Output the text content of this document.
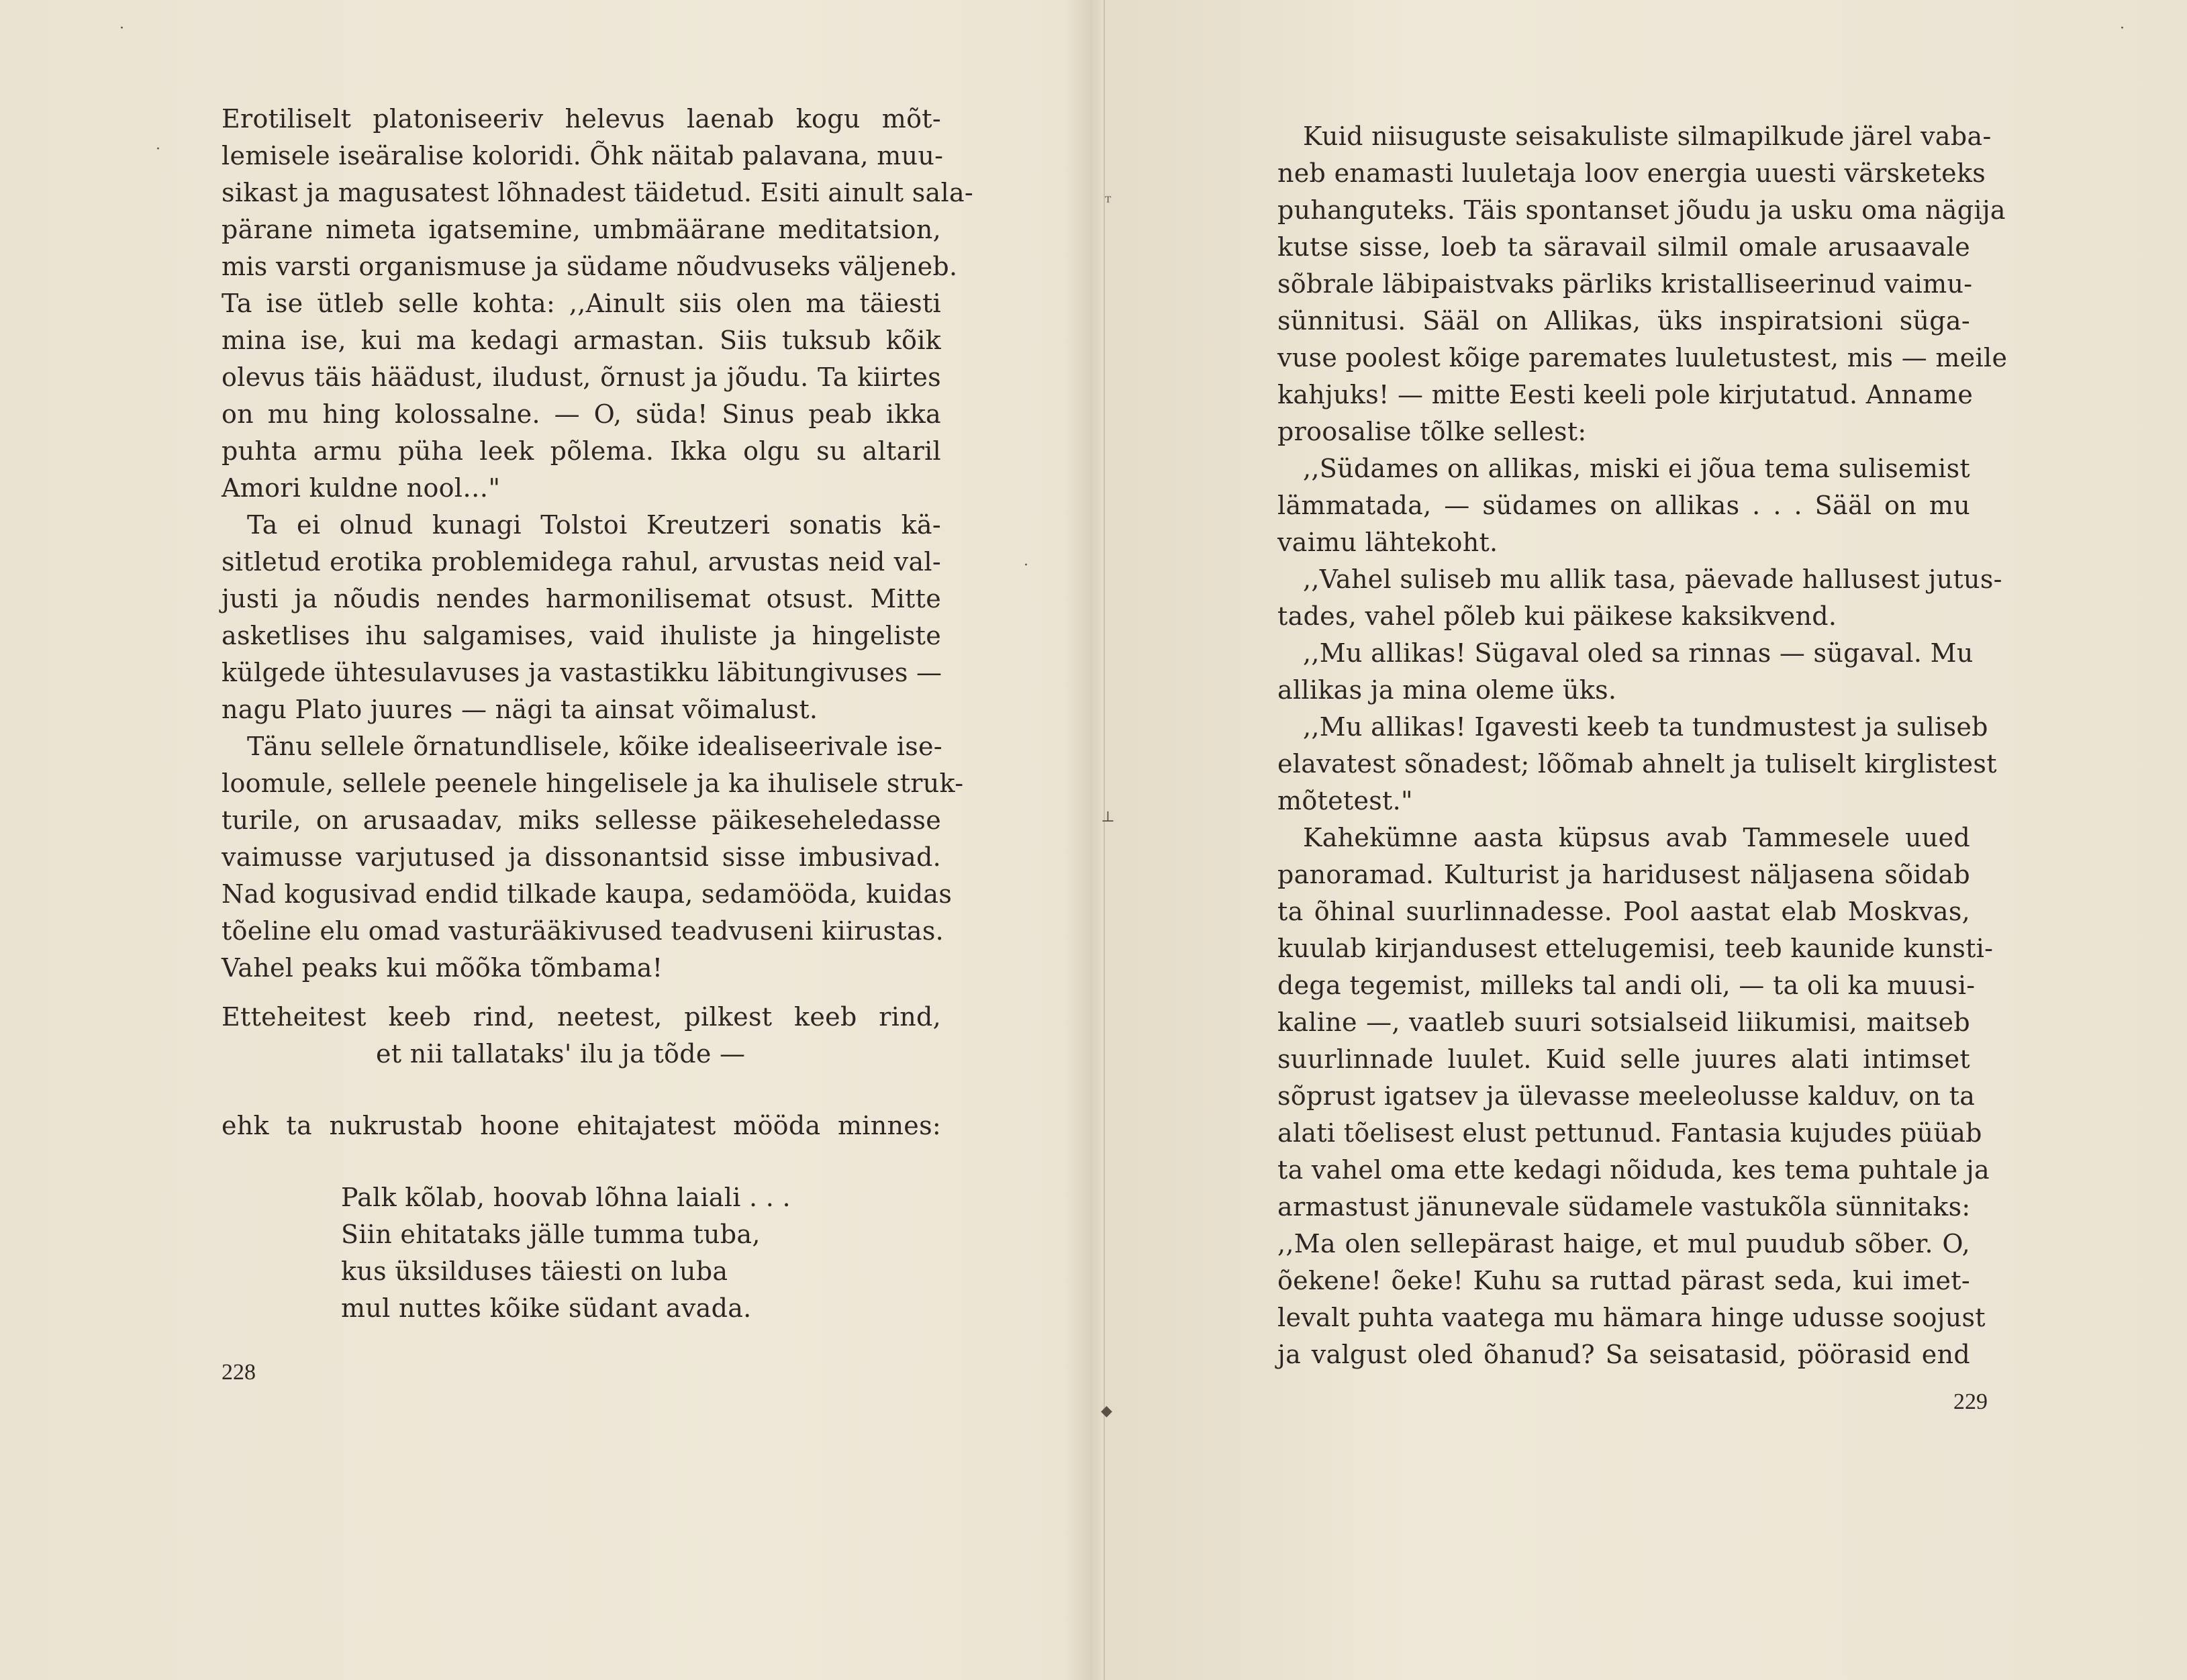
Erotiliselt platoniseeriv helevus laenab kogu mõt-
lemisele iseäralise koloridi. Õhk näitab palavana, muu-
sikast ja magusatest lõhnadest täidetud. Esiti ainult sala-
pärane nimeta igatsemine, umbmäärane meditatsion,
mis varsti organismuse ja südame nõudvuseks väljeneb.
Ta ise ütleb selle kohta: ,,Ainult siis olen ma täiesti
mina ise, kui ma kedagi armastan. Siis tuksub kõik
olevus täis häädust, iludust, õrnust ja jõudu. Ta kiirtes
on mu hing kolossalne. — O, süda! Sinus peab ikka
puhta armu püha leek põlema. Ikka olgu su altaril
Amori kuldne nool…"
Ta ei olnud kunagi Tolstoi Kreutzeri sonatis kä-
sitletud erotika problemidega rahul, arvustas neid val-
justi ja nõudis nendes harmonilisemat otsust. Mitte
asketlises ihu salgamises, vaid ihuliste ja hingeliste
külgede ühtesulavuses ja vastastikku läbitungivuses —
nagu Plato juures — nägi ta ainsat võimalust.
Tänu sellele õrnatundlisele, kõike idealiseerivale ise-
loomule, sellele peenele hingelisele ja ka ihulisele struk-
turile, on arusaadav, miks sellesse päikeseheledasse
vaimusse varjutused ja dissonantsid sisse imbusivad.
Nad kogusivad endid tilkade kaupa, sedamööda, kuidas
tõeline elu omad vasturääkivused teadvuseni kiirustas.
Vahel peaks kui mõõka tõmbama!
Etteheitest keeb rind, neetest, pilkest keeb rind,
et nii tallataks' ilu ja tõde —
ehk ta nukrustab hoone ehitajatest mööda minnes:
Palk kõlab, hoovab lõhna laiali . . .
Siin ehitataks jälle tumma tuba,
kus üksilduses täiesti on luba
mul nuttes kõike südant avada.
228
Kuid niisuguste seisakuliste silmapilkude järel vaba-
neb enamasti luuletaja loov energia uuesti värsketeks
puhanguteks. Täis spontanset jõudu ja usku oma nägija
kutse sisse, loeb ta säravail silmil omale arusaavale
sõbrale läbipaistvaks pärliks kristalliseerinud vaimu-
sünnitusi. Sääl on Allikas, üks inspiratsioni süga-
vuse poolest kõige paremates luuletustest, mis — meile
kahjuks! — mitte Eesti keeli pole kirjutatud. Anname
proosalise tõlke sellest:
,,Südames on allikas, miski ei jõua tema sulisemist
lämmatada, — südames on allikas . . . Sääl on mu
vaimu lähtekoht.
,,Vahel suliseb mu allik tasa, päevade hallusest jutus-
tades, vahel põleb kui päikese kaksikvend.
,,Mu allikas! Sügaval oled sa rinnas — sügaval. Mu
allikas ja mina oleme üks.
,,Mu allikas! Igavesti keeb ta tundmustest ja suliseb
elavatest sõnadest; lõõmab ahnelt ja tuliselt kirglistest
mõtetest."
Kahekümne aasta küpsus avab Tammesele uued
panoramad. Kulturist ja haridusest näljasena sõidab
ta õhinal suurlinnadesse. Pool aastat elab Moskvas,
kuulab kirjandusest ettelugemisi, teeb kaunide kunsti-
dega tegemist, milleks tal andi oli, — ta oli ka muusi-
kaline —, vaatleb suuri sotsialseid liikumisi, maitseb
suurlinnade luulet. Kuid selle juures alati intimset
sõprust igatsev ja ülevasse meeleolusse kalduv, on ta
alati tõelisest elust pettunud. Fantasia kujudes püüab
ta vahel oma ette kedagi nõiduda, kes tema puhtale ja
armastust jänunevale südamele vastukõla sünnitaks:
,,Ma olen sellepärast haige, et mul puudub sõber. O,
õekene! õeke! Kuhu sa ruttad pärast seda, kui imet-
levalt puhta vaatega mu hämara hinge udusse soojust
ja valgust oled õhanud? Sa seisatasid, pöörasid end
229
·
·
ᵀ
⊥
◆
·
·
